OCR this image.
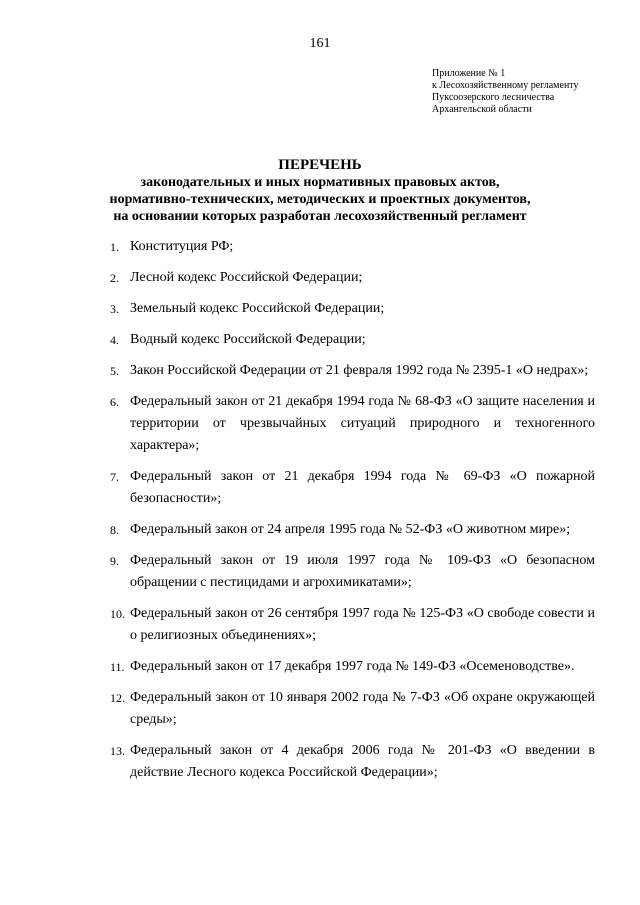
161
Приложение № 1
к Лесохозяйственному регламенту
Пуксоозерского лесничества
Архангельской области
ПЕРЕЧЕНЬ
законодательных и иных нормативных правовых актов,
нормативно-технических, методических и проектных документов,
на основании которых разработан лесохозяйственный регламент
1. Конституция РФ;
2. Лесной кодекс Российской Федерации;
3. Земельный кодекс Российской Федерации;
4. Водный кодекс Российской Федерации;
5. Закон Российской Федерации от 21 февраля 1992 года № 2395-1 «О недрах»;
6. Федеральный закон от 21 декабря 1994 года № 68-ФЗ «О защите населения и территории от чрезвычайных ситуаций природного и техногенного характера»;
7. Федеральный закон от 21 декабря 1994 года № 69-ФЗ «О пожарной безопасности»;
8. Федеральный закон от 24 апреля 1995 года № 52-ФЗ «О животном мире»;
9. Федеральный закон от 19 июля 1997 года № 109-ФЗ «О безопасном обращении с пестицидами и агрохимикатами»;
10. Федеральный закон от 26 сентября 1997 года № 125-ФЗ «О свободе совести и о религиозных объединениях»;
11. Федеральный закон от 17 декабря 1997 года № 149-ФЗ «Осеменоводстве».
12. Федеральный закон от 10 января 2002 года № 7-ФЗ «Об охране окружающей среды»;
13. Федеральный закон от 4 декабря 2006 года № 201-ФЗ «О введении в действие Лесного кодекса Российской Федерации»;
